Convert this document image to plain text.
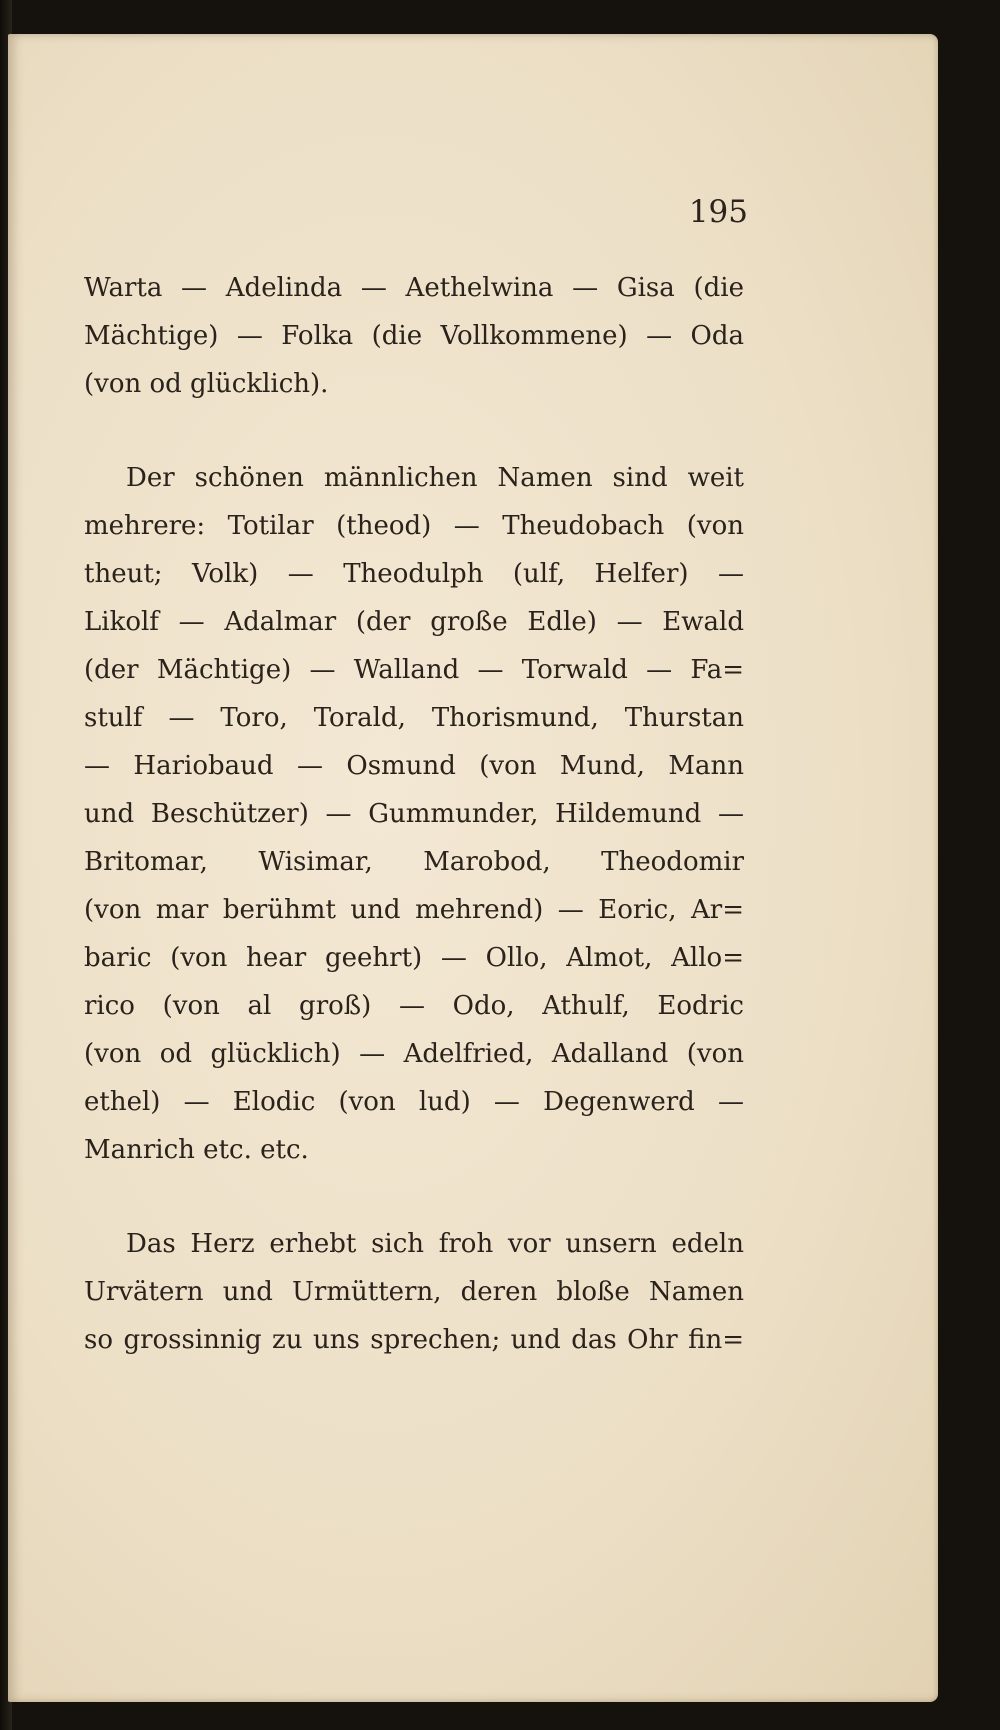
195
Warta — Adelinda — Aethelwina — Gisa (die
Mächtige) — Folka (die Vollkommene) — Oda
(von od glücklich).
Der schönen männlichen Namen sind weit
mehrere: Totilar (theod) — Theudobach (von
theut; Volk) — Theodulph (ulf, Helfer) —
Likolf — Adalmar (der große Edle) — Ewald
(der Mächtige) — Walland — Torwald — Fa=
stulf — Toro, Torald, Thorismund, Thurstan
— Hariobaud — Osmund (von Mund, Mann
und Beschützer) — Gummunder, Hildemund —
Britomar, Wisimar, Marobod, Theodomir
(von mar berühmt und mehrend) — Eoric, Ar=
baric (von hear geehrt) — Ollo, Almot, Allo=
rico (von al groß) — Odo, Athulf, Eodric
(von od glücklich) — Adelfried, Adalland (von
ethel) — Elodic (von lud) — Degenwerd —
Manrich etc. etc.
Das Herz erhebt sich froh vor unsern edeln
Urvätern und Urmüttern, deren bloße Namen
so grossinnig zu uns sprechen; und das Ohr fin=
